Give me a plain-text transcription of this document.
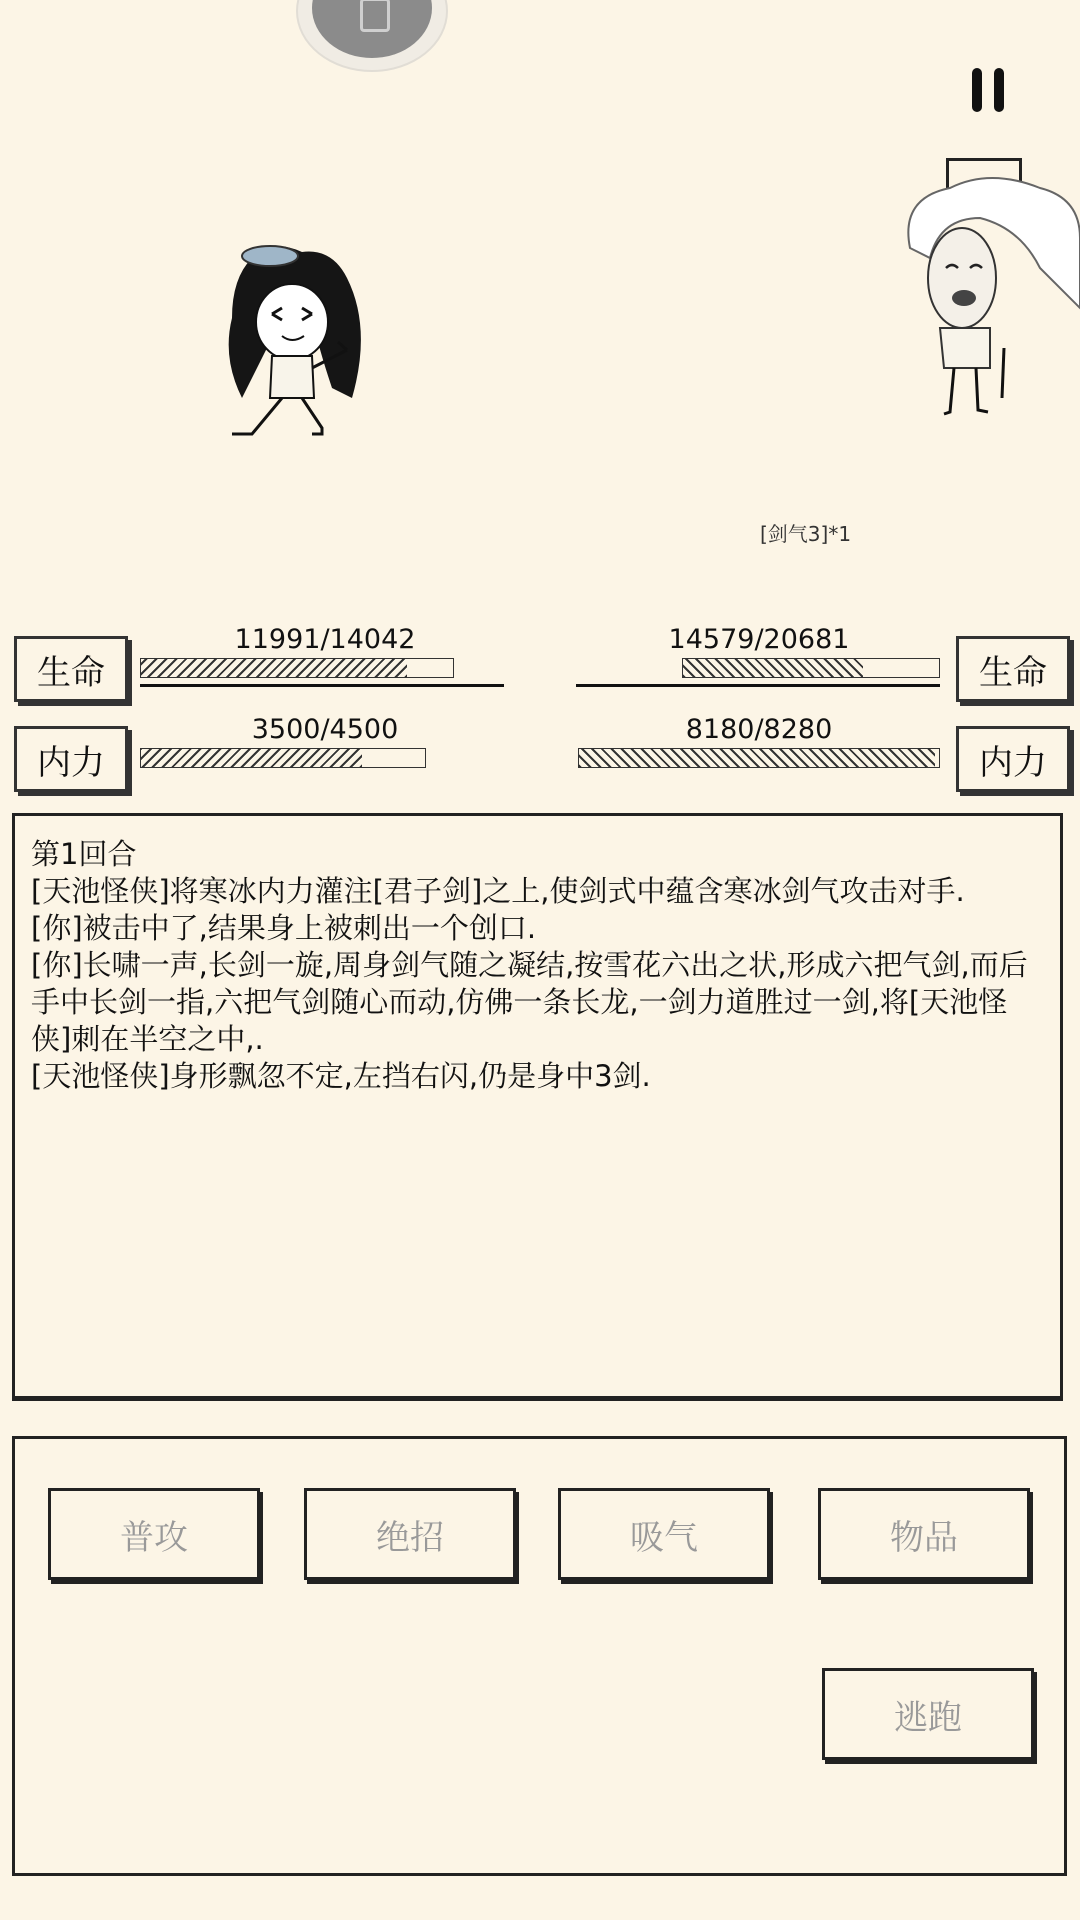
[剑气3]*1
生命
11991/14042
内力
3500/4500
生命
14579/20681
内力
8180/8280

第1回合

[天池怪侠]将寒冰内力灌注[君子剑]之上,使剑式中蕴含寒冰剑气攻击对手.

[你]被击中了,结果身上被刺出一个创口.

[你]长啸一声,长剑一旋,周身剑气随之凝结,按雪花六出之状,形成六把气剑,而后手中长剑一指,六把气剑随心而动,仿佛一条长龙,一剑力道胜过一剑,将[天池怪侠]刺在半空之中,.

[天池怪侠]身形飘忽不定,左挡右闪,仍是身中3剑.

普攻	绝招	吸气	物品
逃跑
